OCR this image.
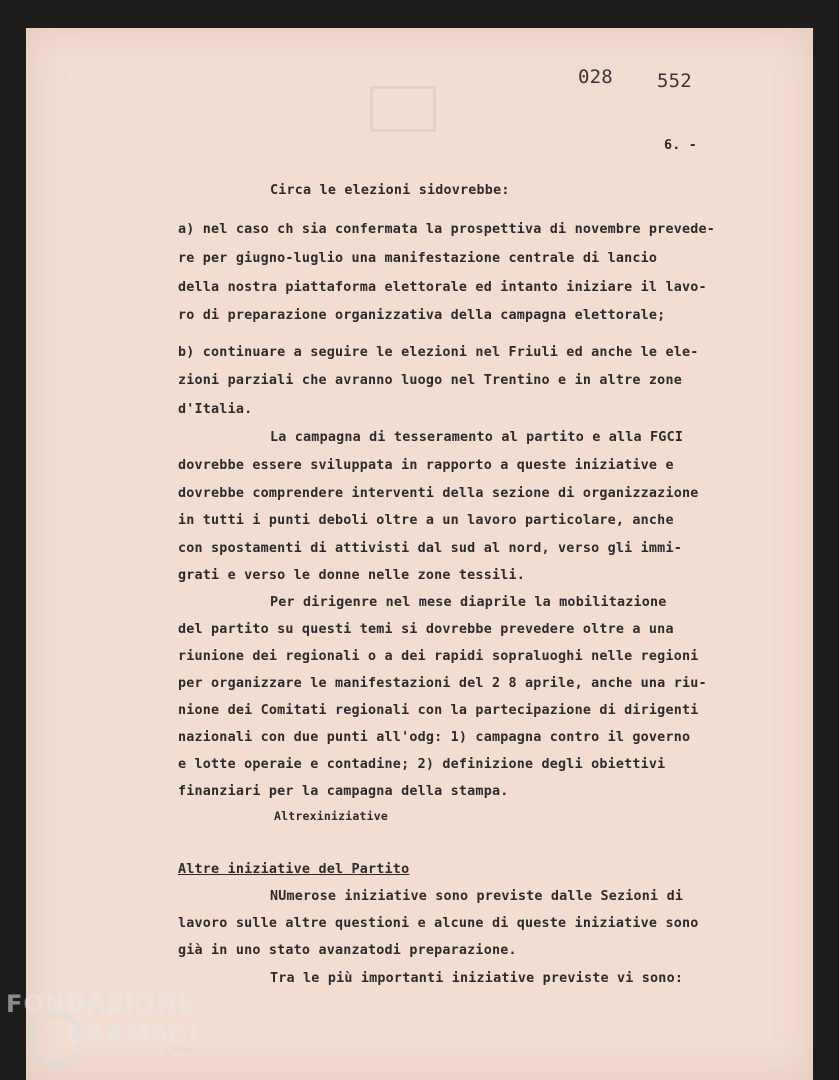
028 552
6. -
Circa le elezioni sidovrebbe:
a) nel caso ch sia confermata la prospettiva di novembre prevede-
re per giugno-luglio una manifestazione centrale di lancio
della nostra piattaforma elettorale ed intanto iniziare il lavo-
ro di preparazione organizzativa della campagna elettorale;
b) continuare a seguire le elezioni nel Friuli ed anche le ele-
zioni parziali che avranno luogo nel Trentino e in altre zone
d'Italia.
La campagna di tesseramento al partito e alla FGCI
dovrebbe essere sviluppata in rapporto a queste iniziative e
dovrebbe comprendere interventi della sezione di organizzazione
in tutti i punti deboli oltre a un lavoro particolare, anche
con spostamenti di attivisti dal sud al nord, verso gli immi-
grati e verso le donne nelle zone tessili.
Per dirigenre nel mese diaprile la mobilitazione
del partito su questi temi si dovrebbe prevedere oltre a una
riunione dei regionali o a dei rapidi sopraluoghi nelle regioni
per organizzare le manifestazioni del 2 8 aprile, anche una riu-
nione dei Comitati regionali con la partecipazione di dirigenti
nazionali con due punti all'odg: 1) campagna contro il governo
e lotte operaie e contadine; 2) definizione degli obiettivi
finanziari per la campagna della stampa.
Altrexiniziative
Altre iniziative del Partito
NUmerose iniziative sono previste dalle Sezioni di
lavoro sulle altre questioni e alcune di queste iniziative sono
già in uno stato avanzatodi preparazione.
Tra le più importanti iniziative previste vi sono:
FONDAZIONE
GRAMSCI
Onlus
